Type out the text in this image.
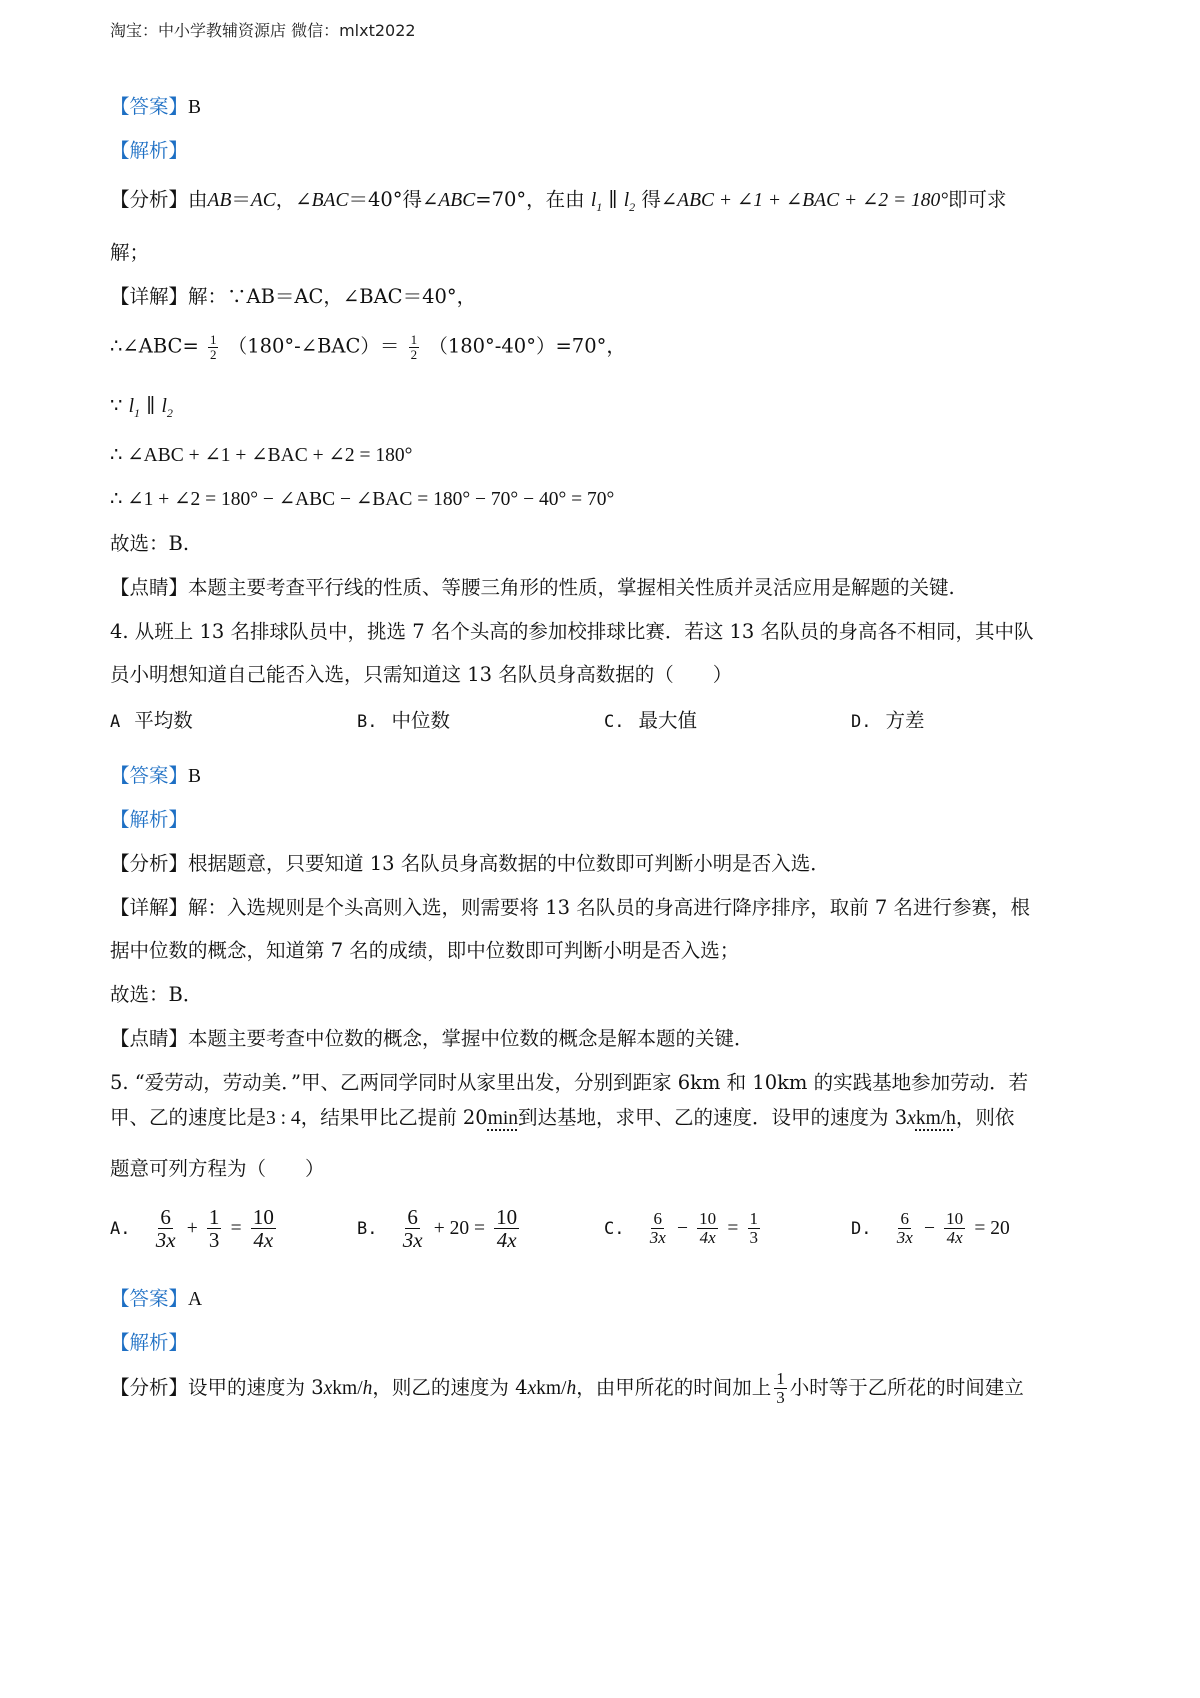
淘宝：中小学教辅资源店 微信：mlxt2022
【答案】B
【解析】
【分析】由AB＝AC，∠BAC＝40°得∠ABC=70°，在由 $l_1$ ∥ $l_2$ 得∠ABC + ∠1 + ∠BAC + ∠2 = 180°即可求
解；
【详解】解：∵AB＝AC，∠BAC＝40°，
∴∠ABC= $\frac{1}{2}$ （180°-∠BAC）＝ $\frac{1}{2} (180^\circ-40^\circ)=70^\circ$，
∵ $l_1$ ∥ $l_2$
∴ ∠ABC + ∠1 + ∠BAC + ∠2 = 180°
∴ ∠1 + ∠2 = 180° − ∠ABC − ∠BAC = 180° − 70° − 40° = 70°
故选：B.
【点睛】本题主要考查平行线的性质、等腰三角形的性质，掌握相关性质并灵活应用是解题的关键.
4. 从班上 13 名排球队员中，挑选 7 名个头高的参加校排球比赛．若这 13 名队员的身高各不相同，其中队
员小明想知道自己能否入选，只需知道这 13 名队员身高数据的（　　）
A 平均数	B. 中位数	C. 最大值	D. 方差
【答案】B
【解析】
【分析】根据题意，只要知道 13 名队员身高数据的中位数即可判断小明是否入选．
【详解】解：入选规则是个头高则入选，则需要将 13 名队员的身高进行降序排序，取前 7 名进行参赛，根
据中位数的概念，知道第 7 名的成绩，即中位数即可判断小明是否入选；
故选：B．
【点睛】本题主要考查中位数的概念，掌握中位数的概念是解本题的关键．
5. “爱劳动，劳动美．”甲、乙两同学同时从家里出发，分别到距家 6km 和 10km 的实践基地参加劳动．若
甲、乙的速度比是3 : 4，结果甲比乙提前 20min到达基地，求甲、乙的速度．设甲的速度为 3xkm/h，则依
题意可列方程为（　　）
A. $\frac{6}{3x} + \frac{1}{3} = \frac{10}{4x}$	B. $\frac{6}{3x} + 20 = \frac{10}{4x}$	C. $\frac{6}{3x} - \frac{10}{4x} = \frac{1}{3}$	D. $\frac{6}{3x} - \frac{10}{4x} = 20$
【答案】A
【解析】
【分析】设甲的速度为 3xkm/h，则乙的速度为 4xkm/h，由甲所花的时间加上 $\frac{1}{3}$ 小时等于乙所花的时间建立
